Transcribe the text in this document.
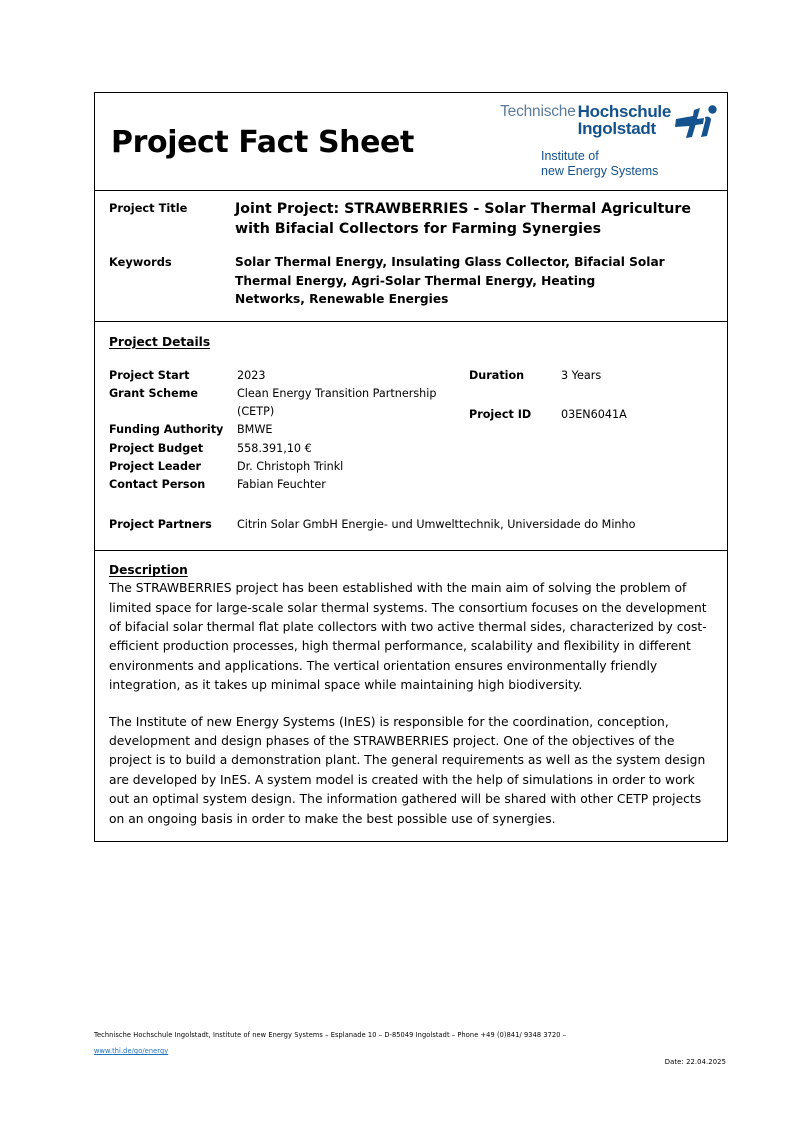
Project Fact Sheet
Technische Hochschule
Ingolstadt
Institute of
new Energy Systems
Project Title	Joint Project: STRAWBERRIES - Solar Thermal Agriculture with Bifacial Collectors for Farming Synergies
Keywords	Solar Thermal Energy, Insulating Glass Collector, Bifacial Solar Thermal Energy, Agri-Solar Thermal Energy, Heating Networks, Renewable Energies
Project Details
Project Start	2023
Grant Scheme	Clean Energy Transition Partnership (CETP)
Funding Authority	BMWE
Project Budget	558.391,10 €
Project Leader	Dr. Christoph Trinkl
Contact Person	Fabian Feuchter
Duration	3 Years
Project ID	03EN6041A
Project Partners	Citrin Solar GmbH Energie- und Umwelttechnik, Universidade do Minho
Description

The STRAWBERRIES project has been established with the main aim of solving the problem of limited space for large-scale solar thermal systems. The consortium focuses on the development of bifacial solar thermal flat plate collectors with two active thermal sides, characterized by cost-efficient production processes, high thermal performance, scalability and flexibility in different environments and applications. The vertical orientation ensures environmentally friendly integration, as it takes up minimal space while maintaining high biodiversity.

The Institute of new Energy Systems (InES) is responsible for the coordination, conception, development and design phases of the STRAWBERRIES project. One of the objectives of the project is to build a demonstration plant. The general requirements as well as the system design are developed by InES. A system model is created with the help of simulations in order to work out an optimal system design. The information gathered will be shared with other CETP projects on an ongoing basis in order to make the best possible use of synergies.

Technische Hochschule Ingolstadt, Institute of new Energy Systems – Esplanade 10 – D-85049 Ingolstadt – Phone +49 (0)841/ 9348 3720 –
www.thi.de/go/energy
Date: 22.04.2025
